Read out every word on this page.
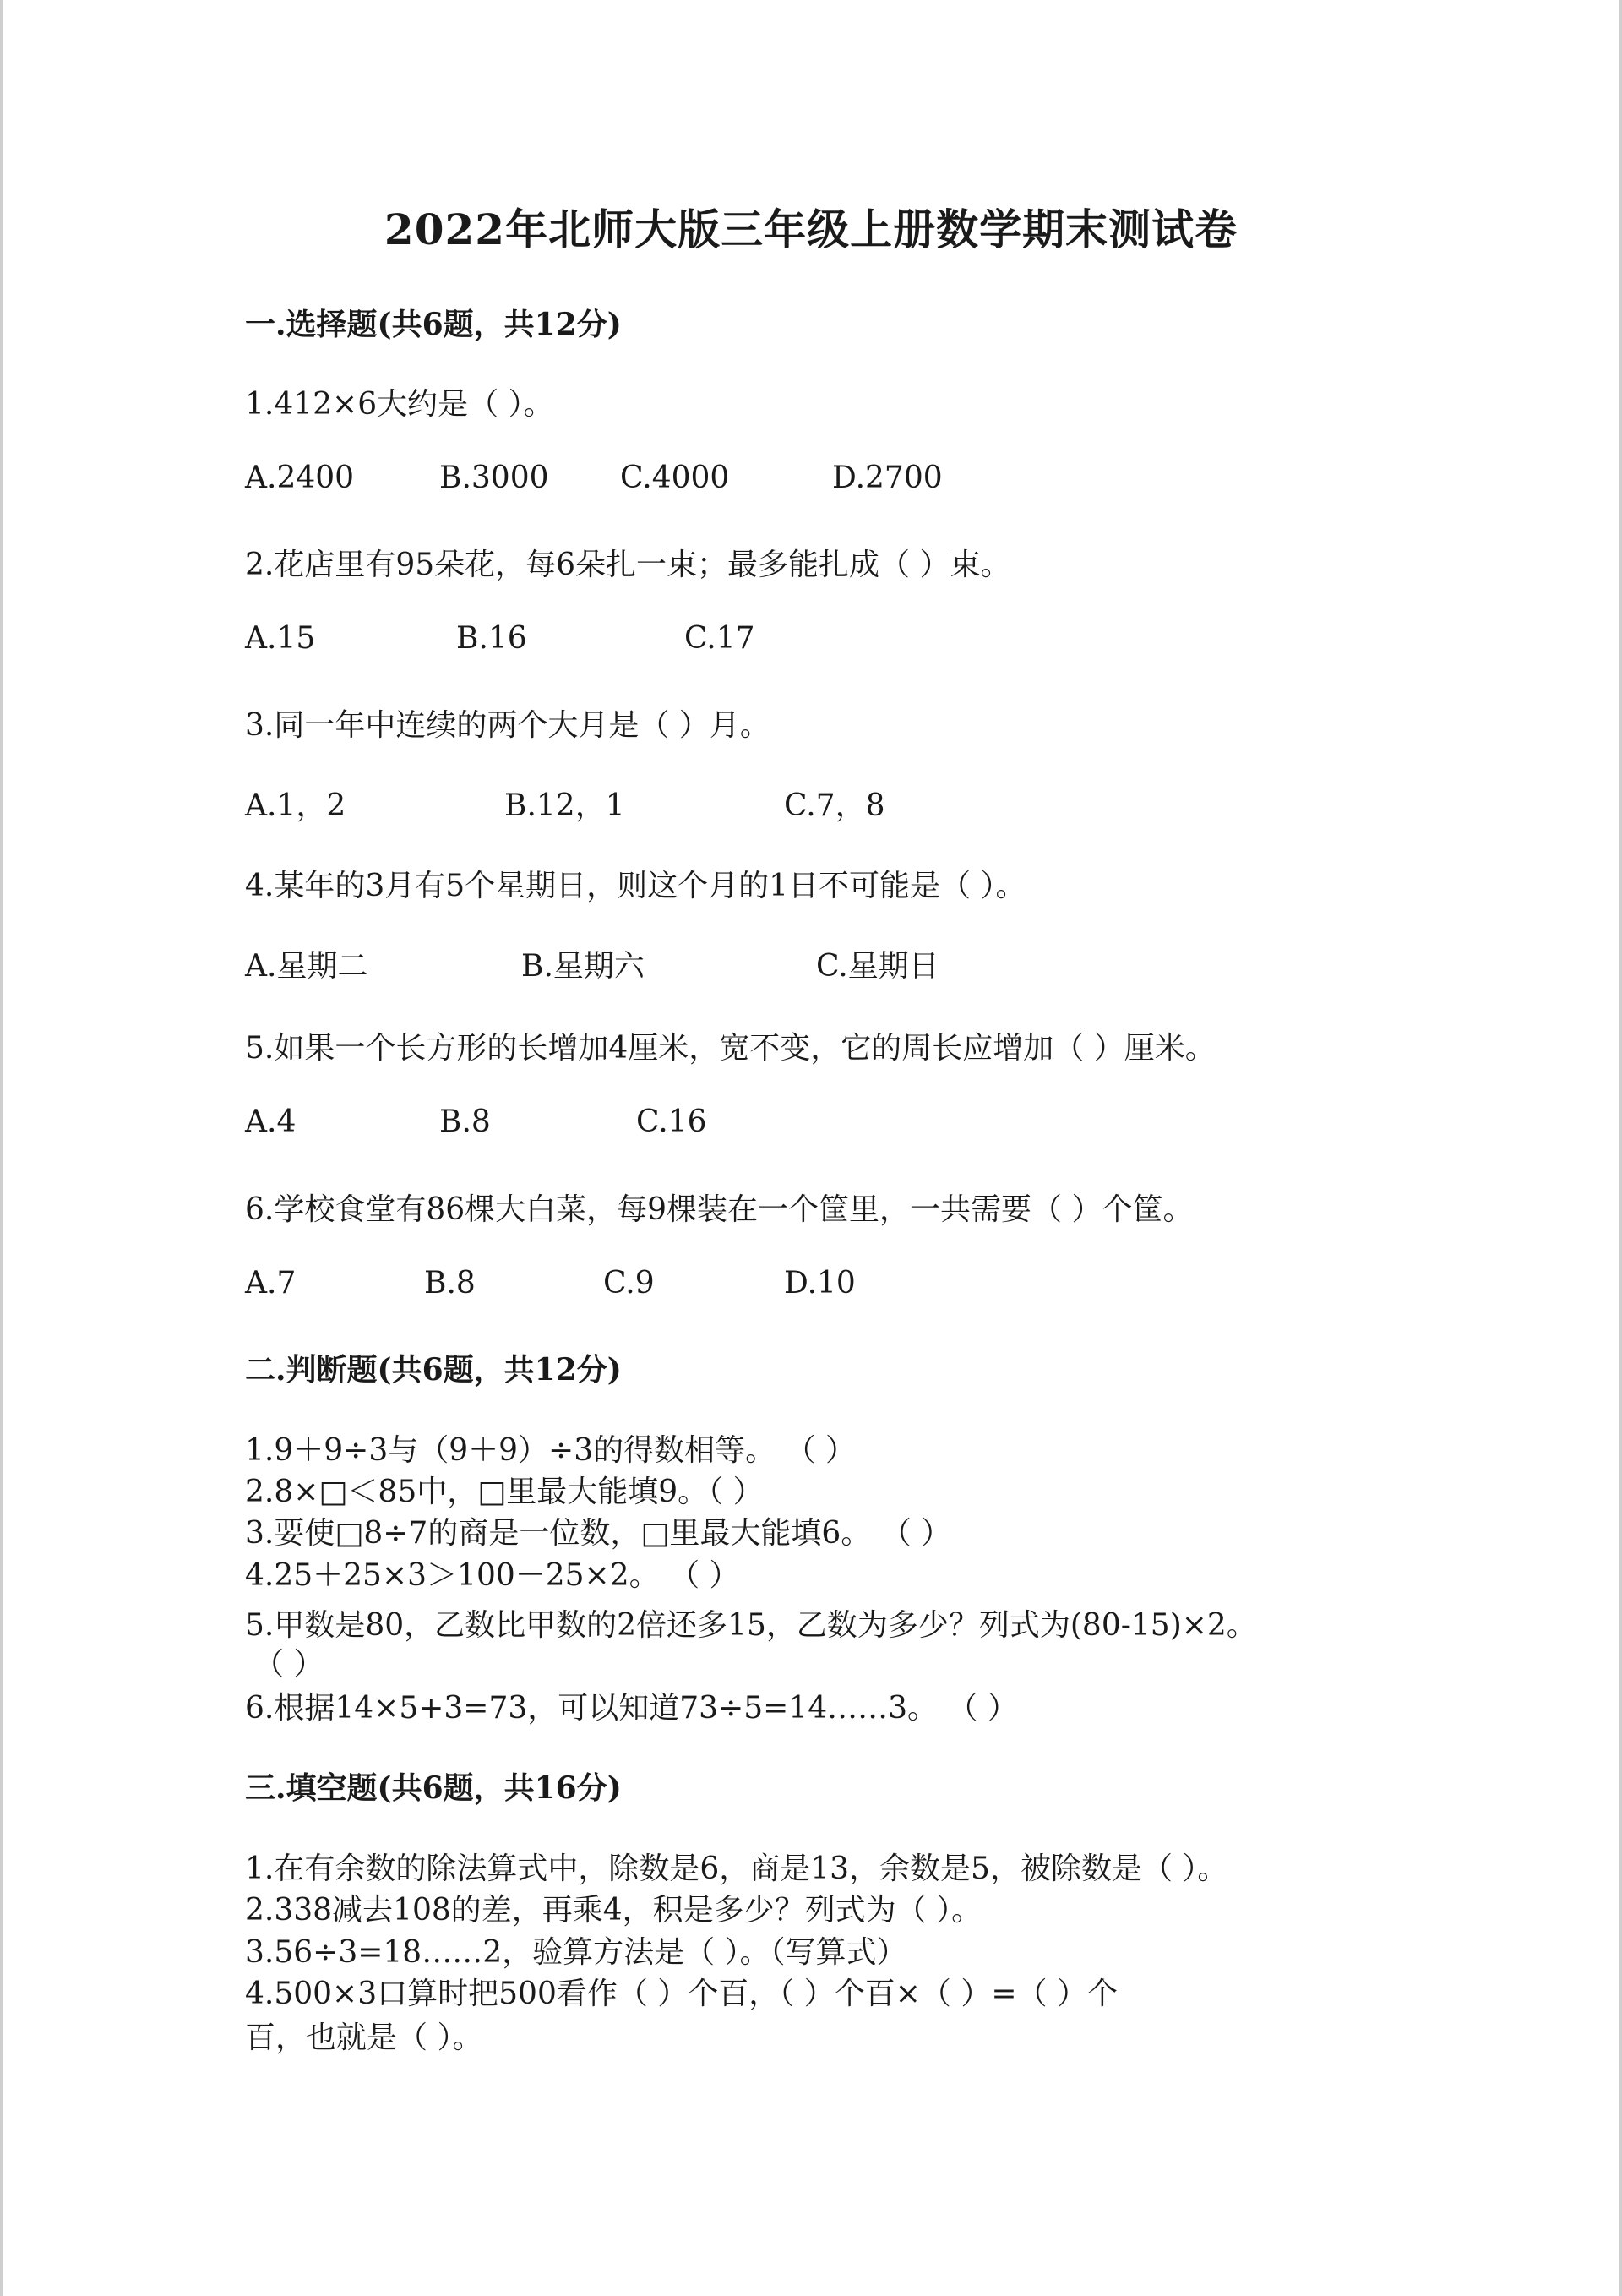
2022年北师大版三年级上册数学期末测试卷
一.选择题(共6题，共12分)
1.412×6大约是（ ）。
A.2400	B.3000 C.4000	D.2700
2.花店里有95朵花，每6朵扎一束；最多能扎成（ ）束。
A.15	B.16	C.17
3.同一年中连续的两个大月是（ ）月。
A.1，2	B.12，1	C.7，8
4.某年的3月有5个星期日，则这个月的1日不可能是（ ）。
A.星期二	B.星期六	C.星期日
5.如果一个长方形的长增加4厘米，宽不变，它的周长应增加（ ）厘米。
A.4	B.8	C.16
6.学校食堂有86棵大白菜，每9棵装在一个筐里，一共需要（ ）个筐。
A.7	B.8	C.9	D.10
二.判断题(共6题，共12分)
1.9＋9÷3与（9＋9）÷3的得数相等。 （ ）
2.8×□＜85中，□里最大能填9。（ ）
3.要使□8÷7的商是一位数，□里最大能填6。 （ ）
4.25＋25×3＞100－25×2。 （ ）
5.甲数是80，乙数比甲数的2倍还多15，乙数为多少？列式为(80-15)×2。
（ ）
6.根据14×5+3=73，可以知道73÷5=14……3。 （ ）
三.填空题(共6题，共16分)
1.在有余数的除法算式中，除数是6，商是13，余数是5，被除数是（ ）。
2.338减去108的差，再乘4，积是多少？列式为（ ）。
3.56÷3=18……2，验算方法是（ ）。（写算式）
4.500×3口算时把500看作（ ）个百，（ ）个百×（ ）=（ ）个
百，也就是（ ）。
